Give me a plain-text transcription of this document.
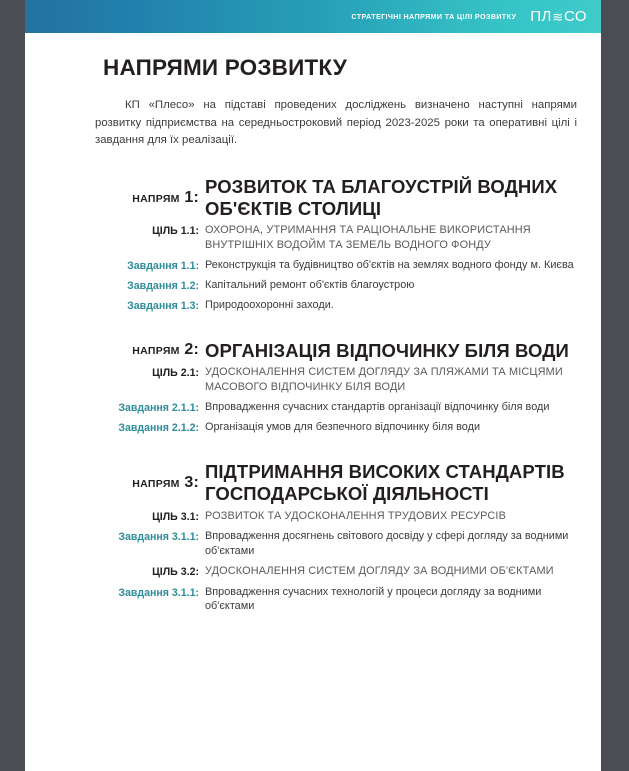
СТРАТЕГІЧНІ НАПРЯМИ ТА ЦІЛІ РОЗВИТКУ ПЛ ≋ СО
НАПРЯМИ РОЗВИТКУ

КП «Плесо» на підставі проведених досліджень визначено наступні напрями розвитку підприємства на середньостроковий період 2023-2025 роки та оперативні цілі і завдання для їх реалізації.

НАПРЯМ 1:
РОЗВИТОК ТА БЛАГОУСТРІЙ ВОДНИХ ОБ'ЄКТІВ СТОЛИЦІ
ЦІЛЬ 1.1: ОХОРОНА, УТРИМАННЯ ТА РАЦІОНАЛЬНЕ ВИКОРИСТАННЯ ВНУТРІШНІХ ВОДОЙМ ТА ЗЕМЕЛЬ ВОДНОГО ФОНДУ
Завдання 1.1: Реконструкція та будівництво об'єктів на землях водного фонду м. Києва
Завдання 1.2: Капітальний ремонт об'єктів благоустрою
Завдання 1.3: Природоохоронні заходи.
НАПРЯМ 2: ОРГАНІЗАЦІЯ ВІДПОЧИНКУ БІЛЯ ВОДИ
ЦІЛЬ 2.1: УДОСКОНАЛЕННЯ СИСТЕМ ДОГЛЯДУ ЗА ПЛЯЖАМИ ТА МІСЦЯМИ МАСОВОГО ВІДПОЧИНКУ БІЛЯ ВОДИ
Завдання 2.1.1: Впровадження сучасних стандартів організації відпочинку біля води
Завдання 2.1.2: Організація умов для безпечного відпочинку біля води
НАПРЯМ 3:
ПІДТРИМАННЯ ВИСОКИХ СТАНДАРТІВ ГОСПОДАРСЬКОЇ ДІЯЛЬНОСТІ
ЦІЛЬ 3.1: РОЗВИТОК ТА УДОСКОНАЛЕННЯ ТРУДОВИХ РЕСУРСІВ
Завдання 3.1.1: Впровадження досягнень світового досвіду у сфері догляду за водними об'єктами
ЦІЛЬ 3.2: УДОСКОНАЛЕННЯ СИСТЕМ ДОГЛЯДУ ЗА ВОДНИМИ ОБ'ЄКТАМИ
Завдання 3.1.1: Впровадження сучасних технологій у процеси догляду за водними об'єктами
